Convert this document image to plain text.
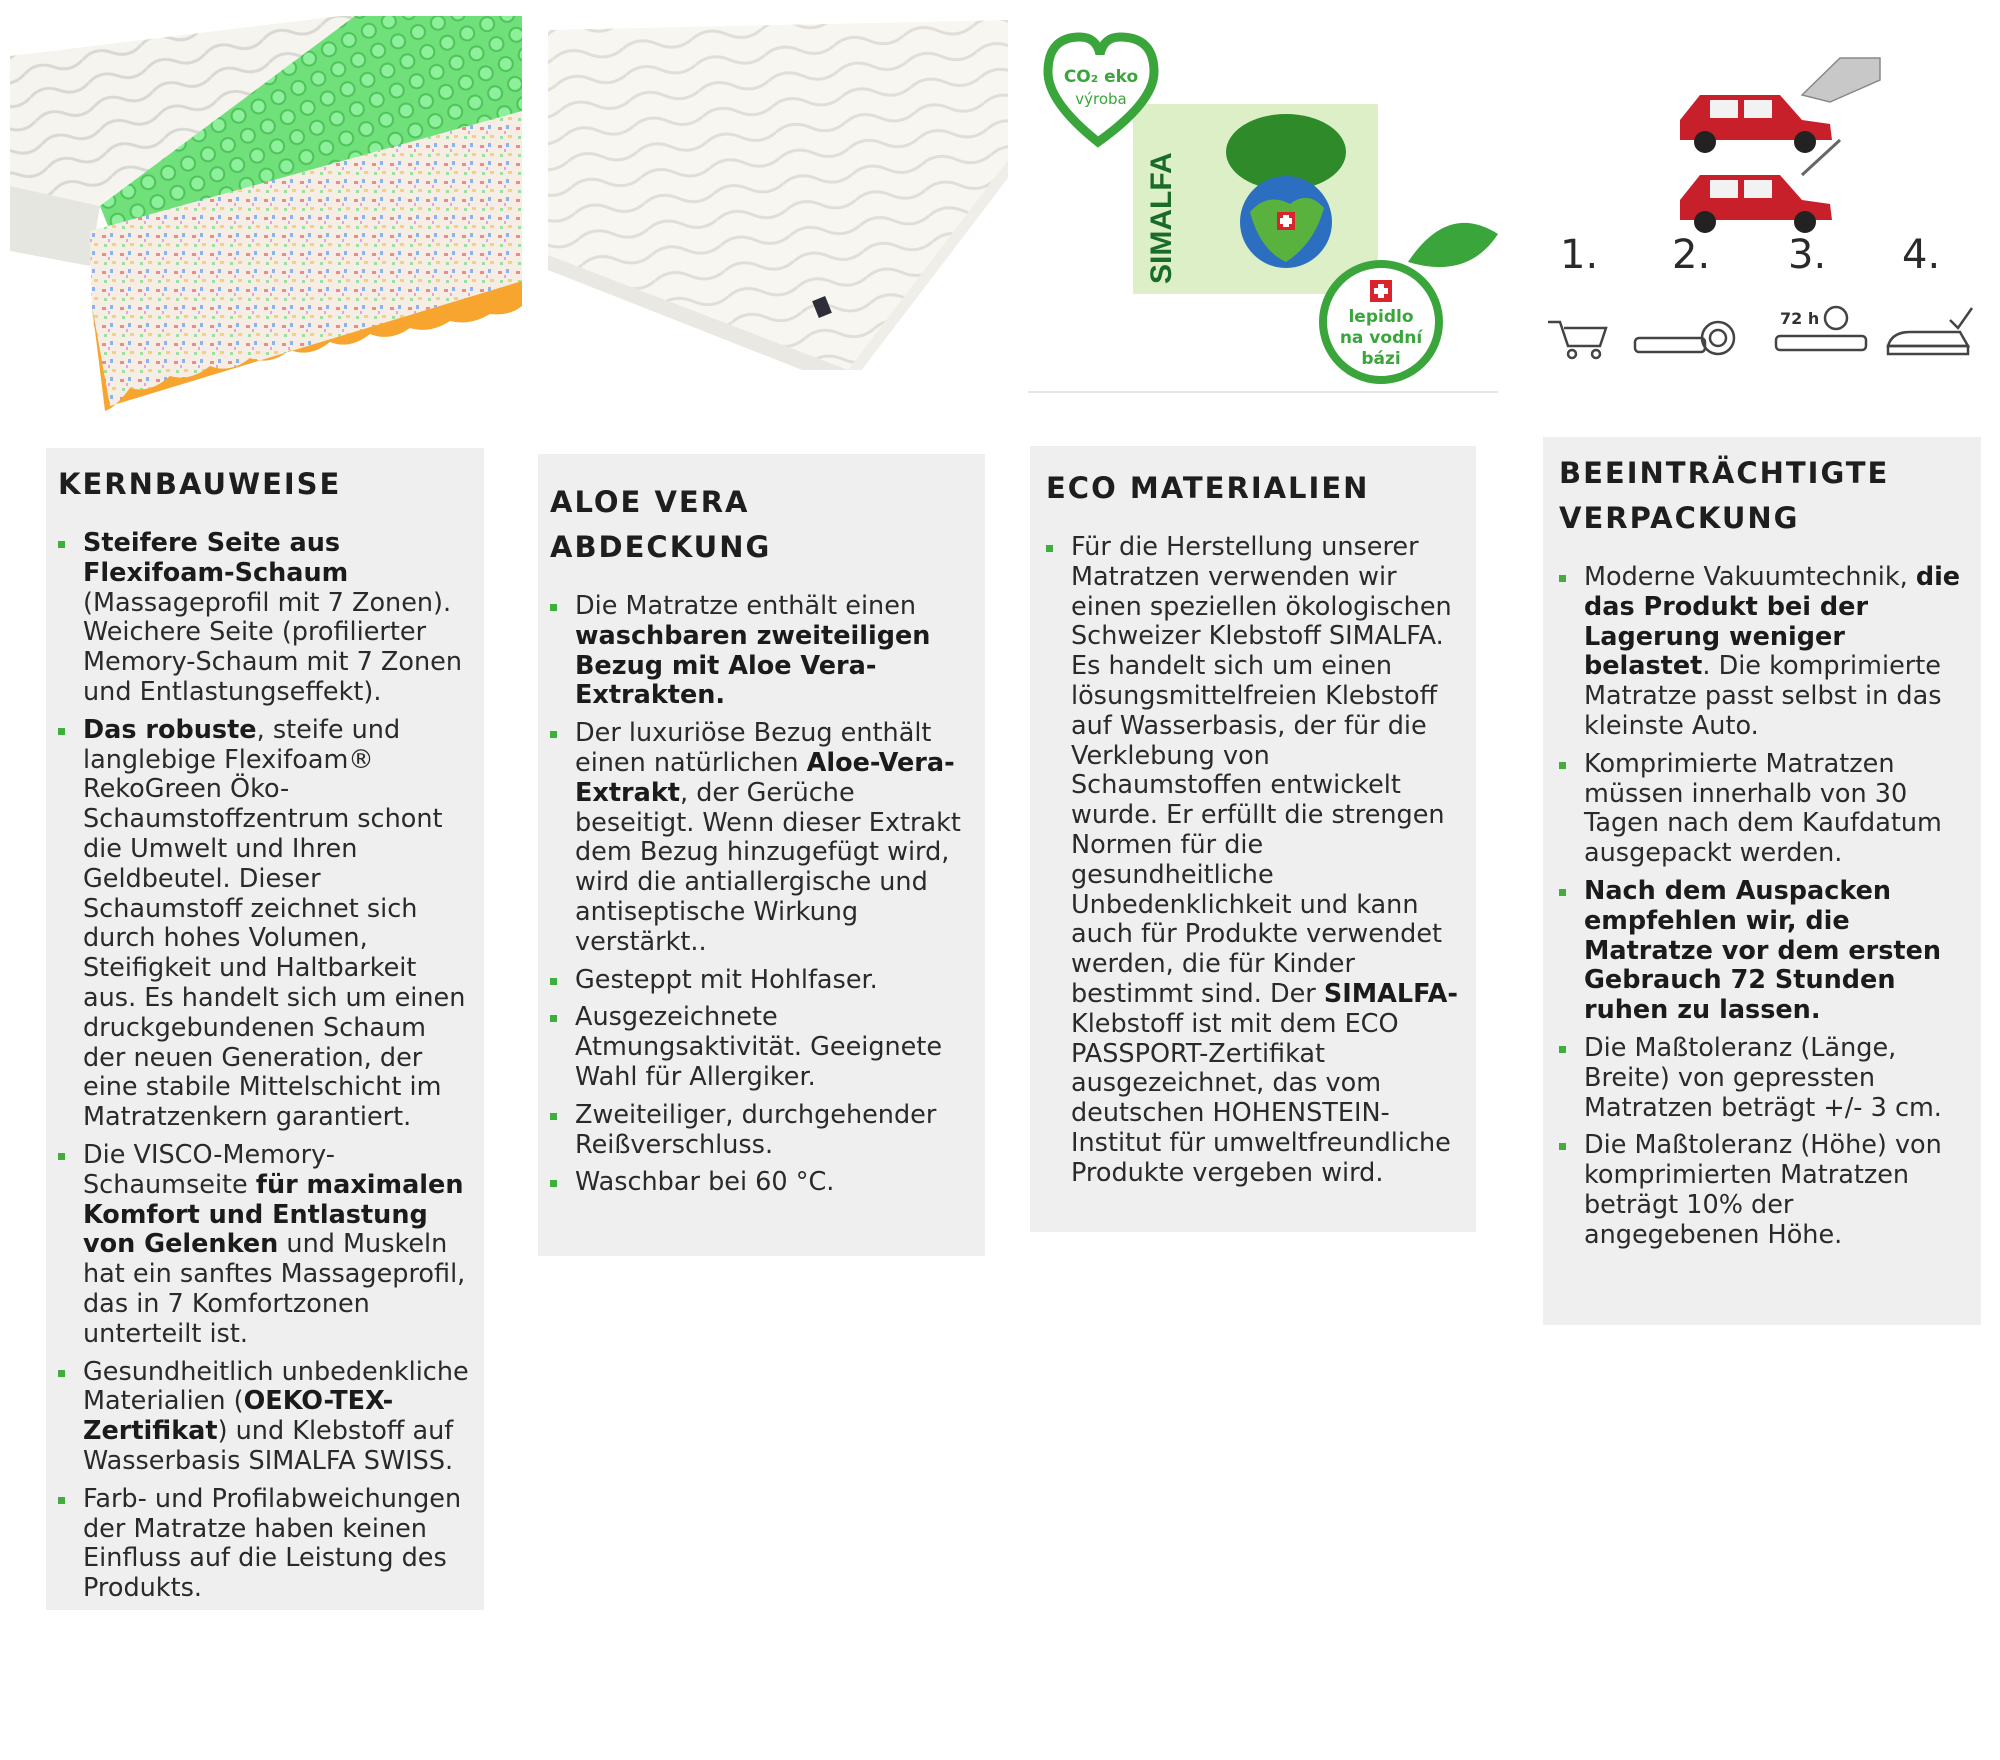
SIMALFA
CO₂ eko
výroba
lepidlo
na vodní
bázi
1. 2. 3. 4.
72 h
KERNBAUWEISE
Steifere Seite aus Flexifoam-Schaum (Massageprofil mit 7 Zonen). Weichere Seite (profilierter Memory-Schaum mit 7 Zonen und Entlastungseffekt).
Das robuste, steife und langlebige Flexifoam® RekoGreen Öko-Schaumstoffzentrum schont die Umwelt und Ihren Geldbeutel. Dieser Schaumstoff zeichnet sich durch hohes Volumen, Steifigkeit und Haltbarkeit aus. Es handelt sich um einen druckgebundenen Schaum der neuen Generation, der eine stabile Mittelschicht im Matratzenkern garantiert.
Die VISCO-Memory-Schaumseite für maximalen Komfort und Entlastung von Gelenken und Muskeln hat ein sanftes Massageprofil, das in 7 Komfortzonen unterteilt ist.
Gesundheitlich unbedenkliche Materialien (OEKO-TEX-Zertifikat) und Klebstoff auf Wasserbasis SIMALFA SWISS.
Farb- und Profilabweichungen der Matratze haben keinen Einfluss auf die Leistung des Produkts.
ALOE VERA ABDECKUNG
Die Matratze enthält einen waschbaren zweiteiligen Bezug mit Aloe Vera-Extrakten.
Der luxuriöse Bezug enthält einen natürlichen Aloe-Vera-Extrakt, der Gerüche beseitigt. Wenn dieser Extrakt dem Bezug hinzugefügt wird, wird die antiallergische und antiseptische Wirkung verstärkt..
Gesteppt mit Hohlfaser.
Ausgezeichnete Atmungsaktivität. Geeignete Wahl für Allergiker.
Zweiteiliger, durchgehender Reißverschluss.
Waschbar bei 60 °C.
ECO MATERIALIEN
Für die Herstellung unserer Matratzen verwenden wir einen speziellen ökologischen Schweizer Klebstoff SIMALFA. Es handelt sich um einen lösungsmittelfreien Klebstoff auf Wasserbasis, der für die Verklebung von Schaumstoffen entwickelt wurde. Er erfüllt die strengen Normen für die gesundheitliche Unbedenklichkeit und kann auch für Produkte verwendet werden, die für Kinder bestimmt sind. Der SIMALFA-Klebstoff ist mit dem ECO PASSPORT-Zertifikat ausgezeichnet, das vom deutschen HOHENSTEIN-Institut für umweltfreundliche Produkte vergeben wird.
BEEINTRÄCHTIGTE VERPACKUNG
Moderne Vakuumtechnik, die das Produkt bei der Lagerung weniger belastet. Die komprimierte Matratze passt selbst in das kleinste Auto.
Komprimierte Matratzen müssen innerhalb von 30 Tagen nach dem Kaufdatum ausgepackt werden.
Nach dem Auspacken empfehlen wir, die Matratze vor dem ersten Gebrauch 72 Stunden ruhen zu lassen.
Die Maßtoleranz (Länge, Breite) von gepressten Matratzen beträgt +/- 3 cm.
Die Maßtoleranz (Höhe) von komprimierten Matratzen beträgt 10% der angegebenen Höhe.
